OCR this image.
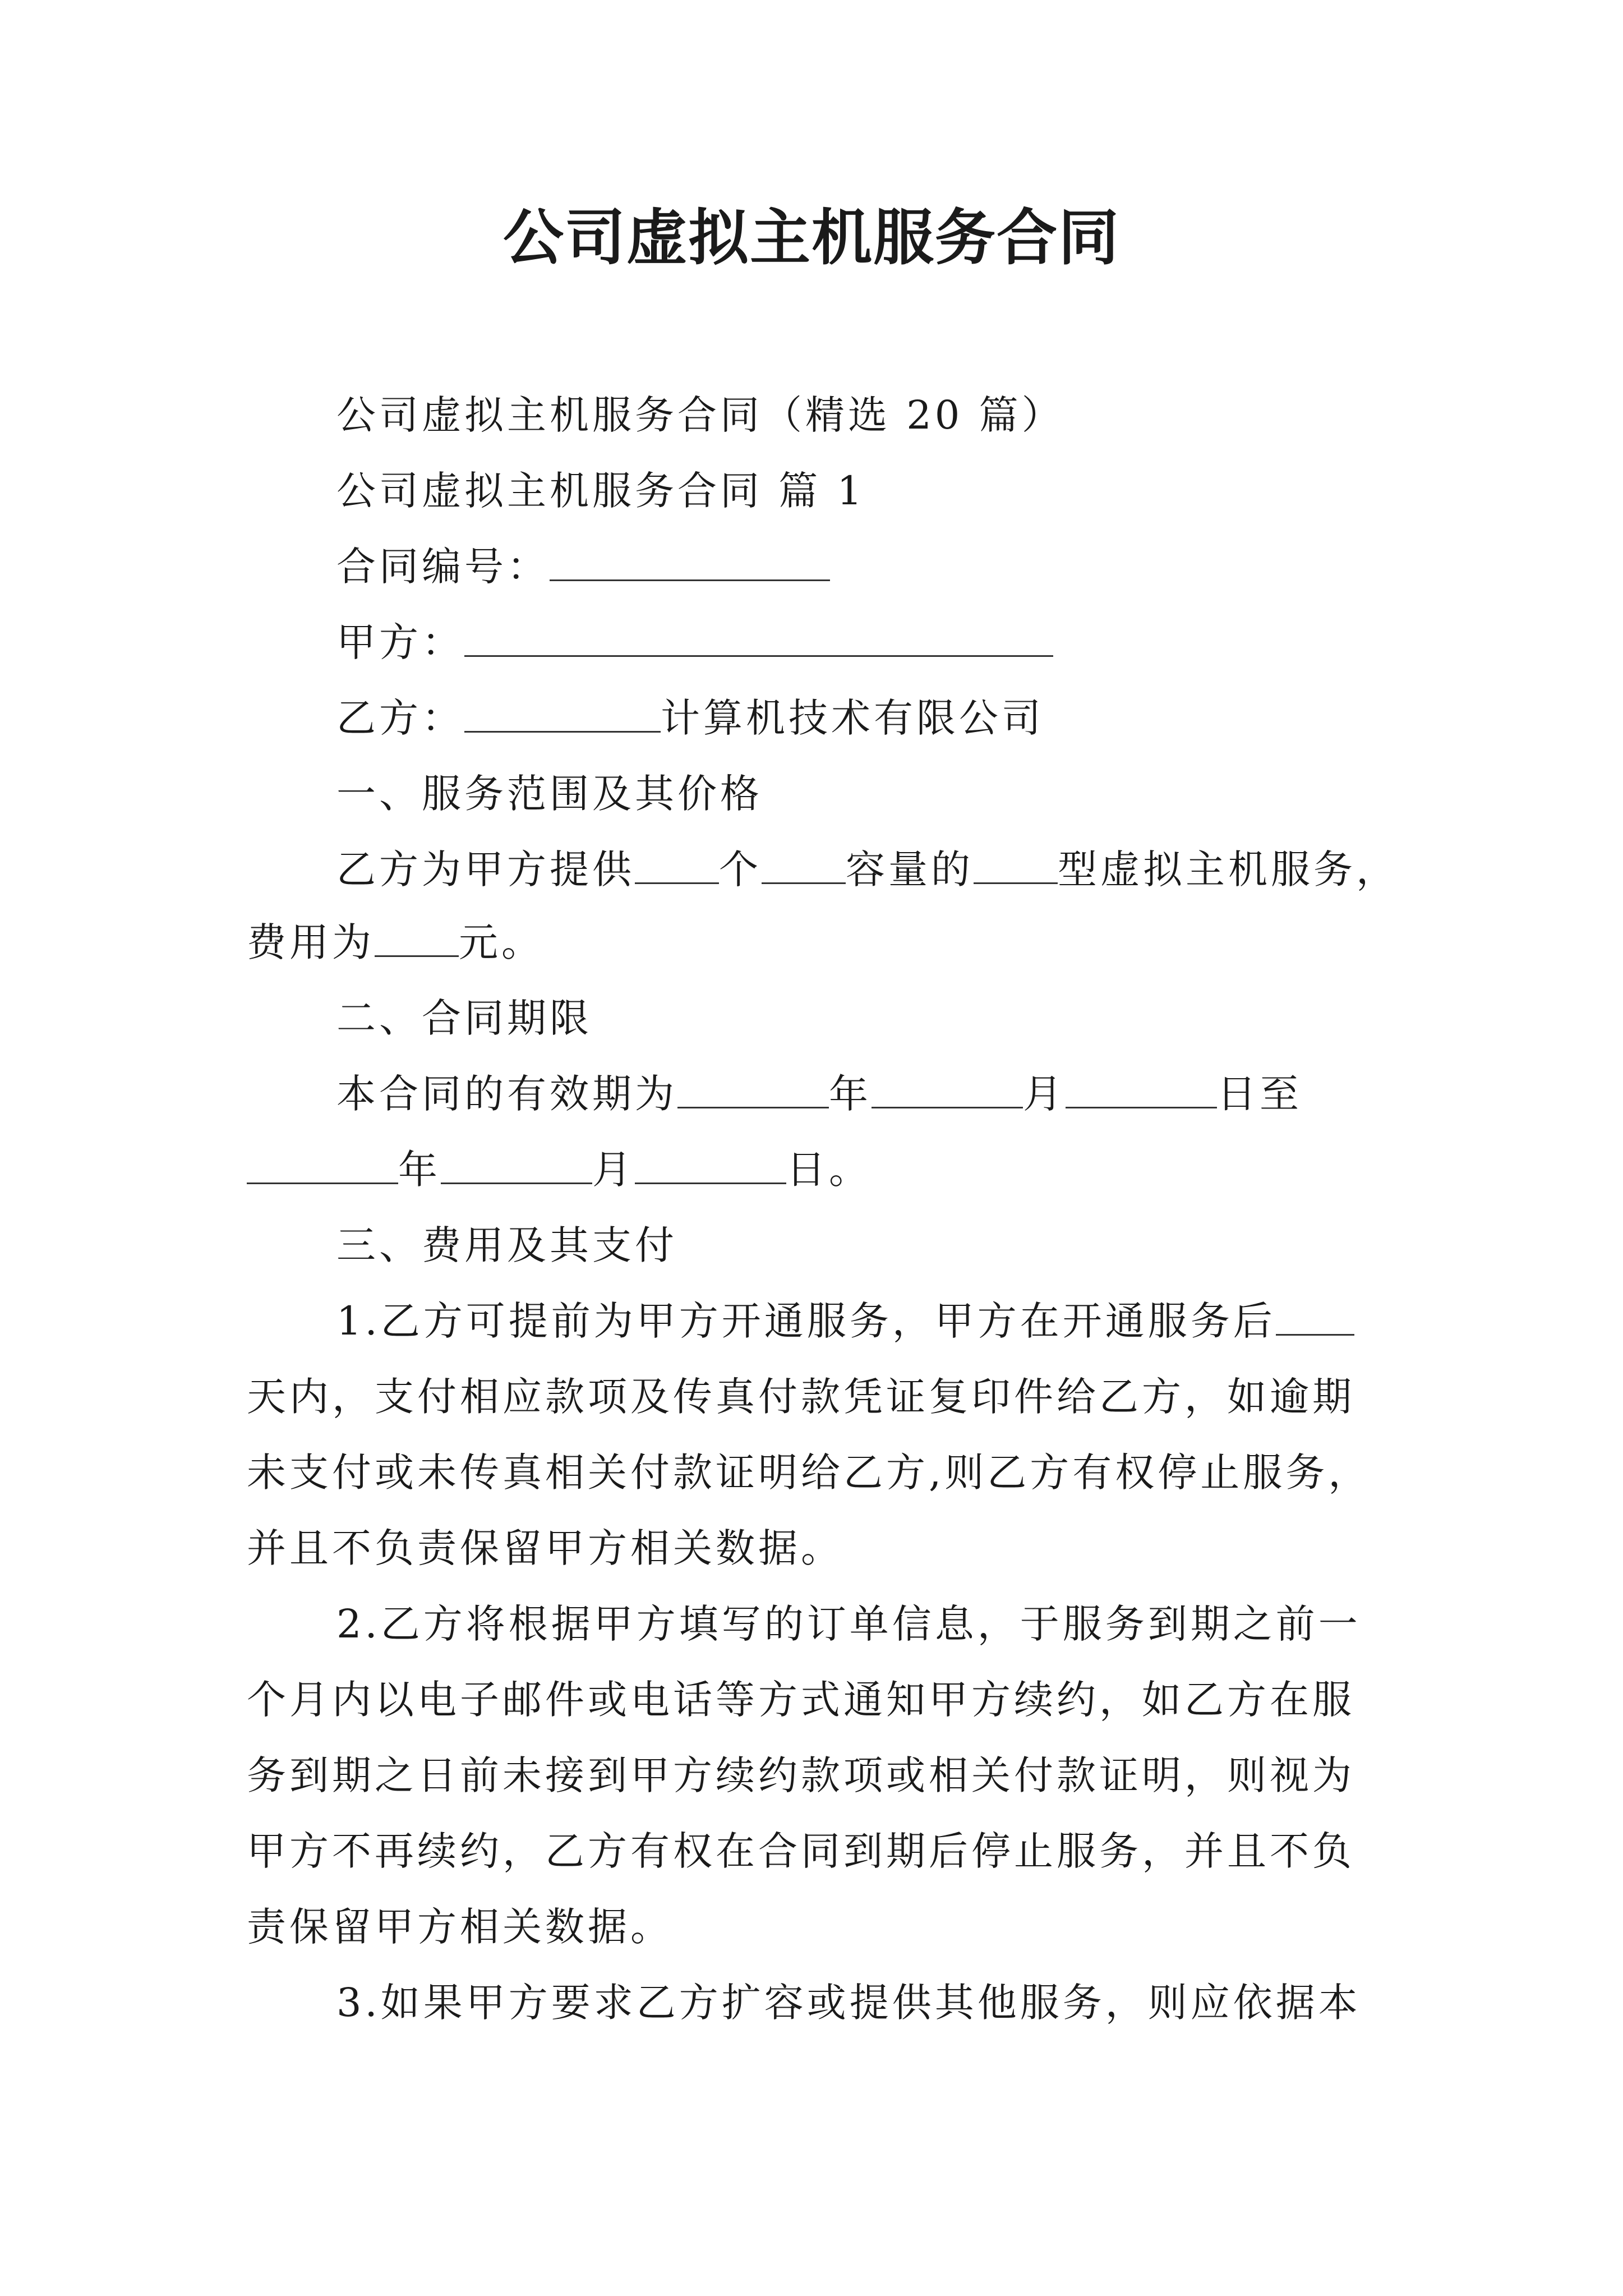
公司虚拟主机服务合同
公司虚拟主机服务合同（精选 20 篇）
公司虚拟主机服务合同 篇 1
合同编号：
甲方：
乙方：	计算机技术有限公司
一、服务范围及其价格
乙方为甲方提供 个 容量的 型虚拟主机服务，
费用为 元。
二、合同期限
本合同的有效期为	年	月	日至
年	月	日。
三、费用及其支付
1.乙方可提前为甲方开通服务，甲方在开通服务后
天内，支付相应款项及传真付款凭证复印件给乙方，如逾期
未支付或未传真相关付款证明给乙方,则乙方有权停止服务，
并且不负责保留甲方相关数据。
2.乙方将根据甲方填写的订单信息，于服务到期之前一
个月内以电子邮件或电话等方式通知甲方续约，如乙方在服
务到期之日前未接到甲方续约款项或相关付款证明，则视为
甲方不再续约，乙方有权在合同到期后停止服务，并且不负
责保留甲方相关数据。
3.如果甲方要求乙方扩容或提供其他服务，则应依据本
